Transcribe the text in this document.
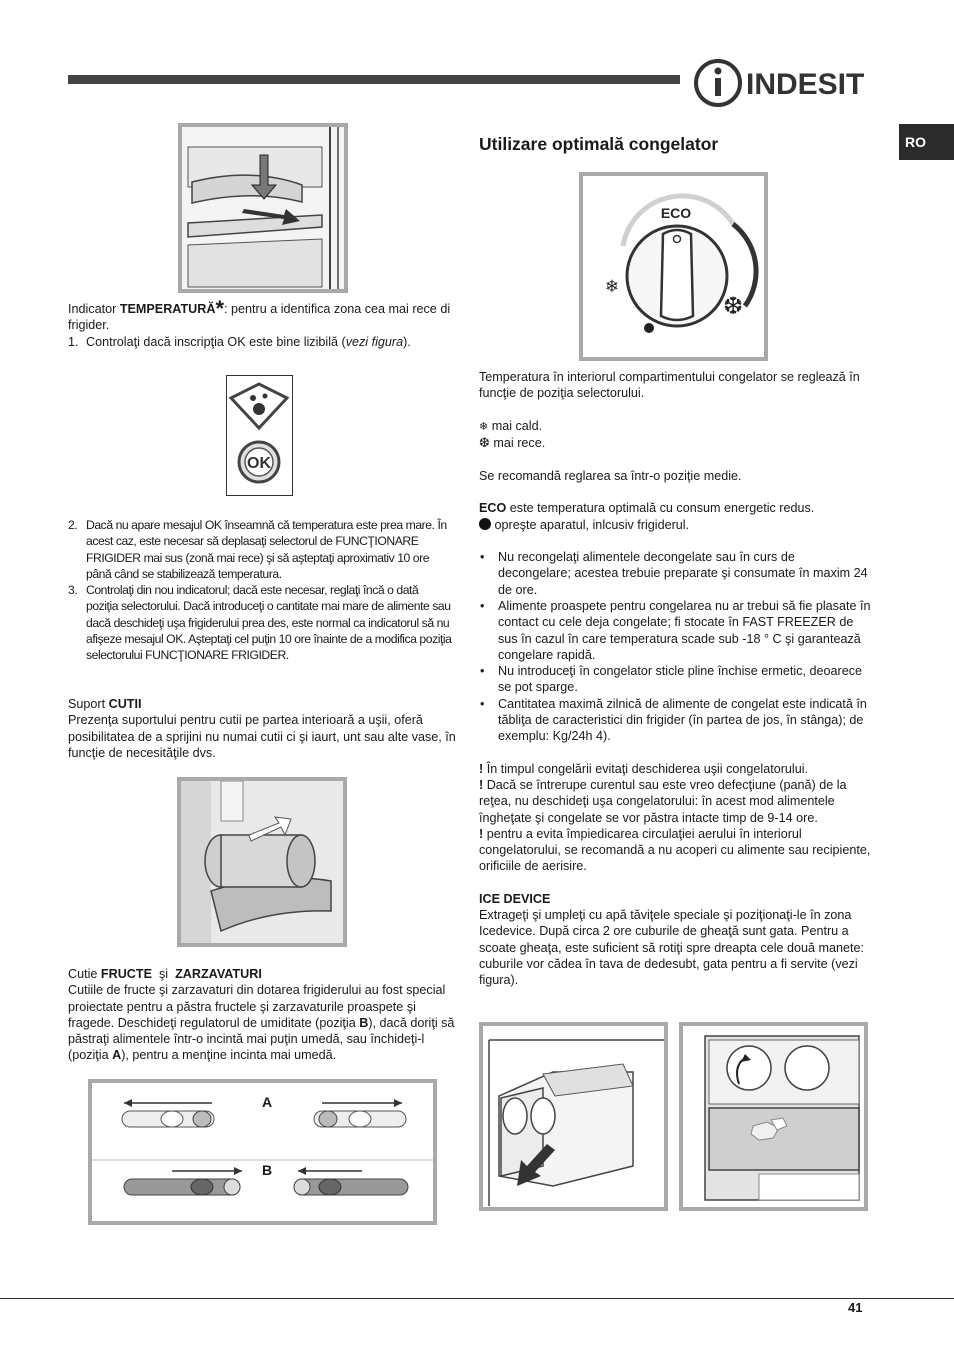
INDESIT
RO

Indicator TEMPERATURĂ*: pentru a identifica zona cea mai rece di frigider.

1. Controlaţi dacă inscripţia OK este bine lizibilă (vezi figura).
OK
2. Dacă nu apare mesajul OK înseamnă că temperatura este prea mare. În acest caz, este necesar să deplasaţi selectorul de FUNCŢIONARE FRIGIDER mai sus (zonă mai rece) şi să aşteptaţi aproximativ 10 ore până când se stabilizează temperatura.
3. Controlaţi din nou indicatorul; dacă este necesar, reglaţi încă o dată poziţia selectorului. Dacă introduceţi o cantitate mai mare de alimente sau dacă deschideţi uşa frigiderului prea des, este normal ca indicatorul să nu afişeze mesajul OK. Aşteptaţi cel puţin 10 ore înainte de a modifica poziţia selectorului FUNCŢIONARE FRIGIDER.

Suport CUTII

Prezenţa suportului pentru cutii pe partea interioară a uşii, oferă posibilitatea de a sprijini nu numai cutii ci şi iaurt, unt sau alte vase, în funcţie de necesităţile dvs.

Cutie FRUCTE  şi  ZARZAVATURI

Cutiile de fructe şi zarzavaturi din dotarea frigiderului au fost special proiectate pentru a păstra fructele şi zarzavaturile proaspete şi fragede. Deschideţi regulatorul de umiditate (poziţia B), dacă doriţi să păstraţi alimentele într-o incintă mai puţin umedă, sau închideţi-l (poziţia A), pentru a menţine incinta mai umedă.

A
B
Utilizare optimală congelator
ECO
❄
❆

Temperatura în interiorul compartimentului congelator se reglează în funcţie de poziţia selectorului.

❄ mai cald.

❆ mai rece.

Se recomandă reglarea sa într-o poziţie medie.

ECO este temperatura optimală cu consum energetic redus.

opreşte aparatul, inlcusiv frigiderul.

•	Nu recongelaţi alimentele decongelate sau în curs de decongelare; acestea trebuie preparate şi consumate în maxim 24 de ore.
•	Alimente proaspete pentru congelarea nu ar trebui să fie plasate în contact cu cele deja congelate; fi stocate în FAST FREEZER de sus în cazul în care temperatura scade sub -18 ° C şi garantează congelare rapidă.
•	Nu introduceţi în congelator sticle pline închise ermetic, deoarece se pot sparge.
•	Cantitatea maximă zilnică de alimente de congelat este indicată în tăbliţa de caracteristici din frigider (în partea de jos, în stânga); de exemplu: Kg/24h 4).

! În timpul congelării evitaţi deschiderea uşii congelatorului.

! Dacă se întrerupe curentul sau este vreo defecţiune (pană) de la reţea, nu deschideţi uşa congelatorului: în acest mod alimentele îngheţate şi congelate se vor păstra intacte timp de 9-14 ore.

! pentru a evita împiedicarea circulaţiei aerului în interiorul congelatorului, se recomandă a nu acoperi cu alimente sau recipiente, orificiile de aerisire.

ICE DEVICE

Extrageţi şi umpleţi cu apă tăviţele speciale şi poziţionaţi-le în zona Icedevice. După circa 2 ore cuburile de gheaţă sunt gata. Pentru a scoate gheaţa, este suficient să rotiţi spre dreapta cele două manete: cuburile vor cădea în tava de dedesubt, gata pentru a fi servite (vezi figura).

41
